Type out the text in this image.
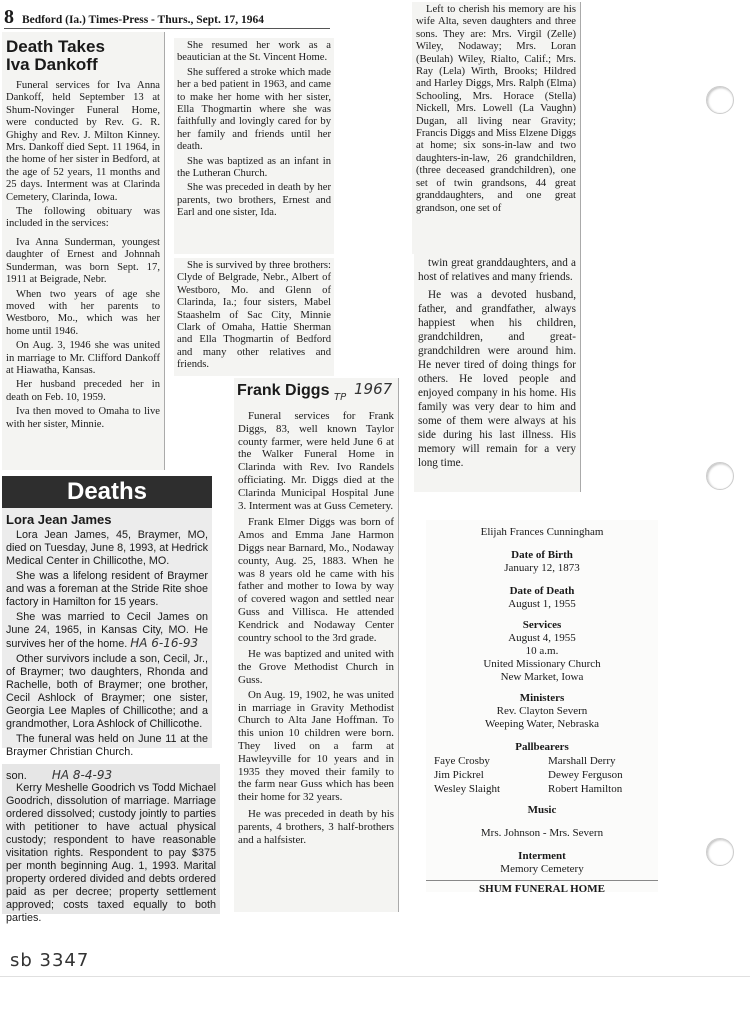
8 Bedford (Ia.) Times-Press - Thurs., Sept. 17, 1964
Death Takes
Iva Dankoff

Funeral services for Iva Anna Dankoff, held September 13 at Shum-Novinger Funeral Home, were conducted by Rev. G. R. Ghighy and Rev. J. Milton Kinney. Mrs. Dankoff died Sept. 11 1964, in the home of her sister in Bedford, at the age of 52 years, 11 months and 25 days. Interment was at Clarinda Cemetery, Clarinda, Iowa.

The following obituary was included in the services:

Iva Anna Sunderman, youngest daughter of Ernest and Johnnah Sunderman, was born Sept. 17, 1911 at Beigrade, Nebr.

When two years of age she moved with her parents to Westboro, Mo., which was her home until 1946.

On Aug. 3, 1946 she was united in marriage to Mr. Clifford Dankoff at Hiawatha, Kansas.

Her husband preceded her in death on Feb. 10, 1959.

Iva then moved to Omaha to live with her sister, Minnie.

She resumed her work as a beautician at the St. Vincent Home.

She suffered a stroke which made her a bed patient in 1963, and came to make her home with her sister, Ella Thogmartin where she was faithfully and lovingly cared for by her family and friends until her death.

She was baptized as an infant in the Lutheran Church.

She was preceded in death by her parents, two brothers, Ernest and Earl and one sister, Ida.

She is survived by three brothers: Clyde of Belgrade, Nebr., Albert of Westboro, Mo. and Glenn of Clarinda, Ia.; four sisters, Mabel Staashelm of Sac City, Minnie Clark of Omaha, Hattie Sherman and Ella Thogmartin of Bedford and many other relatives and friends.

Left to cherish his memory are his wife Alta, seven daughters and three sons. They are: Mrs. Virgil (Zelle) Wiley, Nodaway; Mrs. Loran (Beulah) Wiley, Rialto, Calif.; Mrs. Ray (Lela) Wirth, Brooks; Hildred and Harley Diggs, Mrs. Ralph (Elma) Schooling, Mrs. Horace (Stella) Nickell, Mrs. Lowell (La Vaughn) Dugan, all living near Gravity; Francis Diggs and Miss Elzene Diggs at home; six sons-in-law and two daughters-in-law, 26 grandchildren, (three deceased grandchildren), one set of twin grandsons, 44 great granddaughters, and one great grandson, one set of

twin great granddaughters, and a host of relatives and many friends.

He was a devoted husband, father, and grandfather, always happiest when his children, grandchildren, and great-grandchildren were around him. He never tired of doing things for others. He loved people and enjoyed company in his home. His family was very dear to him and some of them were always at his side during his last illness. His memory will remain for a very long time.

Frank Diggs 1967
TP

Funeral services for Frank Diggs, 83, well known Taylor county farmer, were held June 6 at the Walker Funeral Home in Clarinda with Rev. Ivo Randels officiating. Mr. Diggs died at the Clarinda Municipal Hospital June 3. Interment was at Guss Cemetery.

Frank Elmer Diggs was born of Amos and Emma Jane Harmon Diggs near Barnard, Mo., Nodaway county, Aug. 25, 1883. When he was 8 years old he came with his father and mother to Iowa by way of covered wagon and settled near Guss and Villisca. He attended Kendrick and Nodaway Center country school to the 3rd grade.

He was baptized and united with the Grove Methodist Church in Guss.

On Aug. 19, 1902, he was united in marriage in Gravity Methodist Church to Alta Jane Hoffman. To this union 10 children were born. They lived on a farm at Hawleyville for 10 years and in 1935 they moved their family to the farm near Guss which has been their home for 32 years.

He was preceded in death by his parents, 4 brothers, 3 half-brothers and a halfsister.

Deaths
Lora Jean James

Lora Jean James, 45, Braymer, MO, died on Tuesday, June 8, 1993, at Hedrick Medical Center in Chillicothe, MO.

She was a lifelong resident of Braymer and was a foreman at the Stride Rite shoe factory in Hamilton for 15 years.

She was married to Cecil James on June 24, 1965, in Kansas City, MO. He survives her of the home. HA 6-16-93

Other survivors include a son, Cecil, Jr., of Braymer; two daughters, Rhonda and Rachelle, both of Braymer; one brother, Cecil Ashlock of Braymer; one sister, Georgia Lee Maples of Chillicothe; and a grandmother, Lora Ashlock of Chillicothe.

The funeral was held on June 11 at the Braymer Christian Church.

son. HA 8-4-93

Kerry Meshelle Goodrich vs Todd Michael Goodrich, dissolution of marriage. Marriage ordered dissolved; custody jointly to parties with petitioner to have actual physical custody; respondent to have reasonable visitation rights. Respondent to pay $375 per month beginning Aug. 1, 1993. Marital property ordered divided and debts ordered paid as per decree; property settlement approved; costs taxed equally to both parties.

Elijah Frances Cunningham
Date of Birth
January 12, 1873
Date of Death
August 1, 1955
Services
August 4, 1955
10 a.m.
United Missionary Church
New Market, Iowa
Ministers
Rev. Clayton Severn
Weeping Water, Nebraska
Pallbearers
Faye Crosby	Marshall Derry
Jim Pickrel	Dewey Ferguson
Wesley Slaight	Robert Hamilton
Music
Mrs. Johnson - Mrs. Severn
Interment
Memory Cemetery
SHUM FUNERAL HOME
sb 3347
